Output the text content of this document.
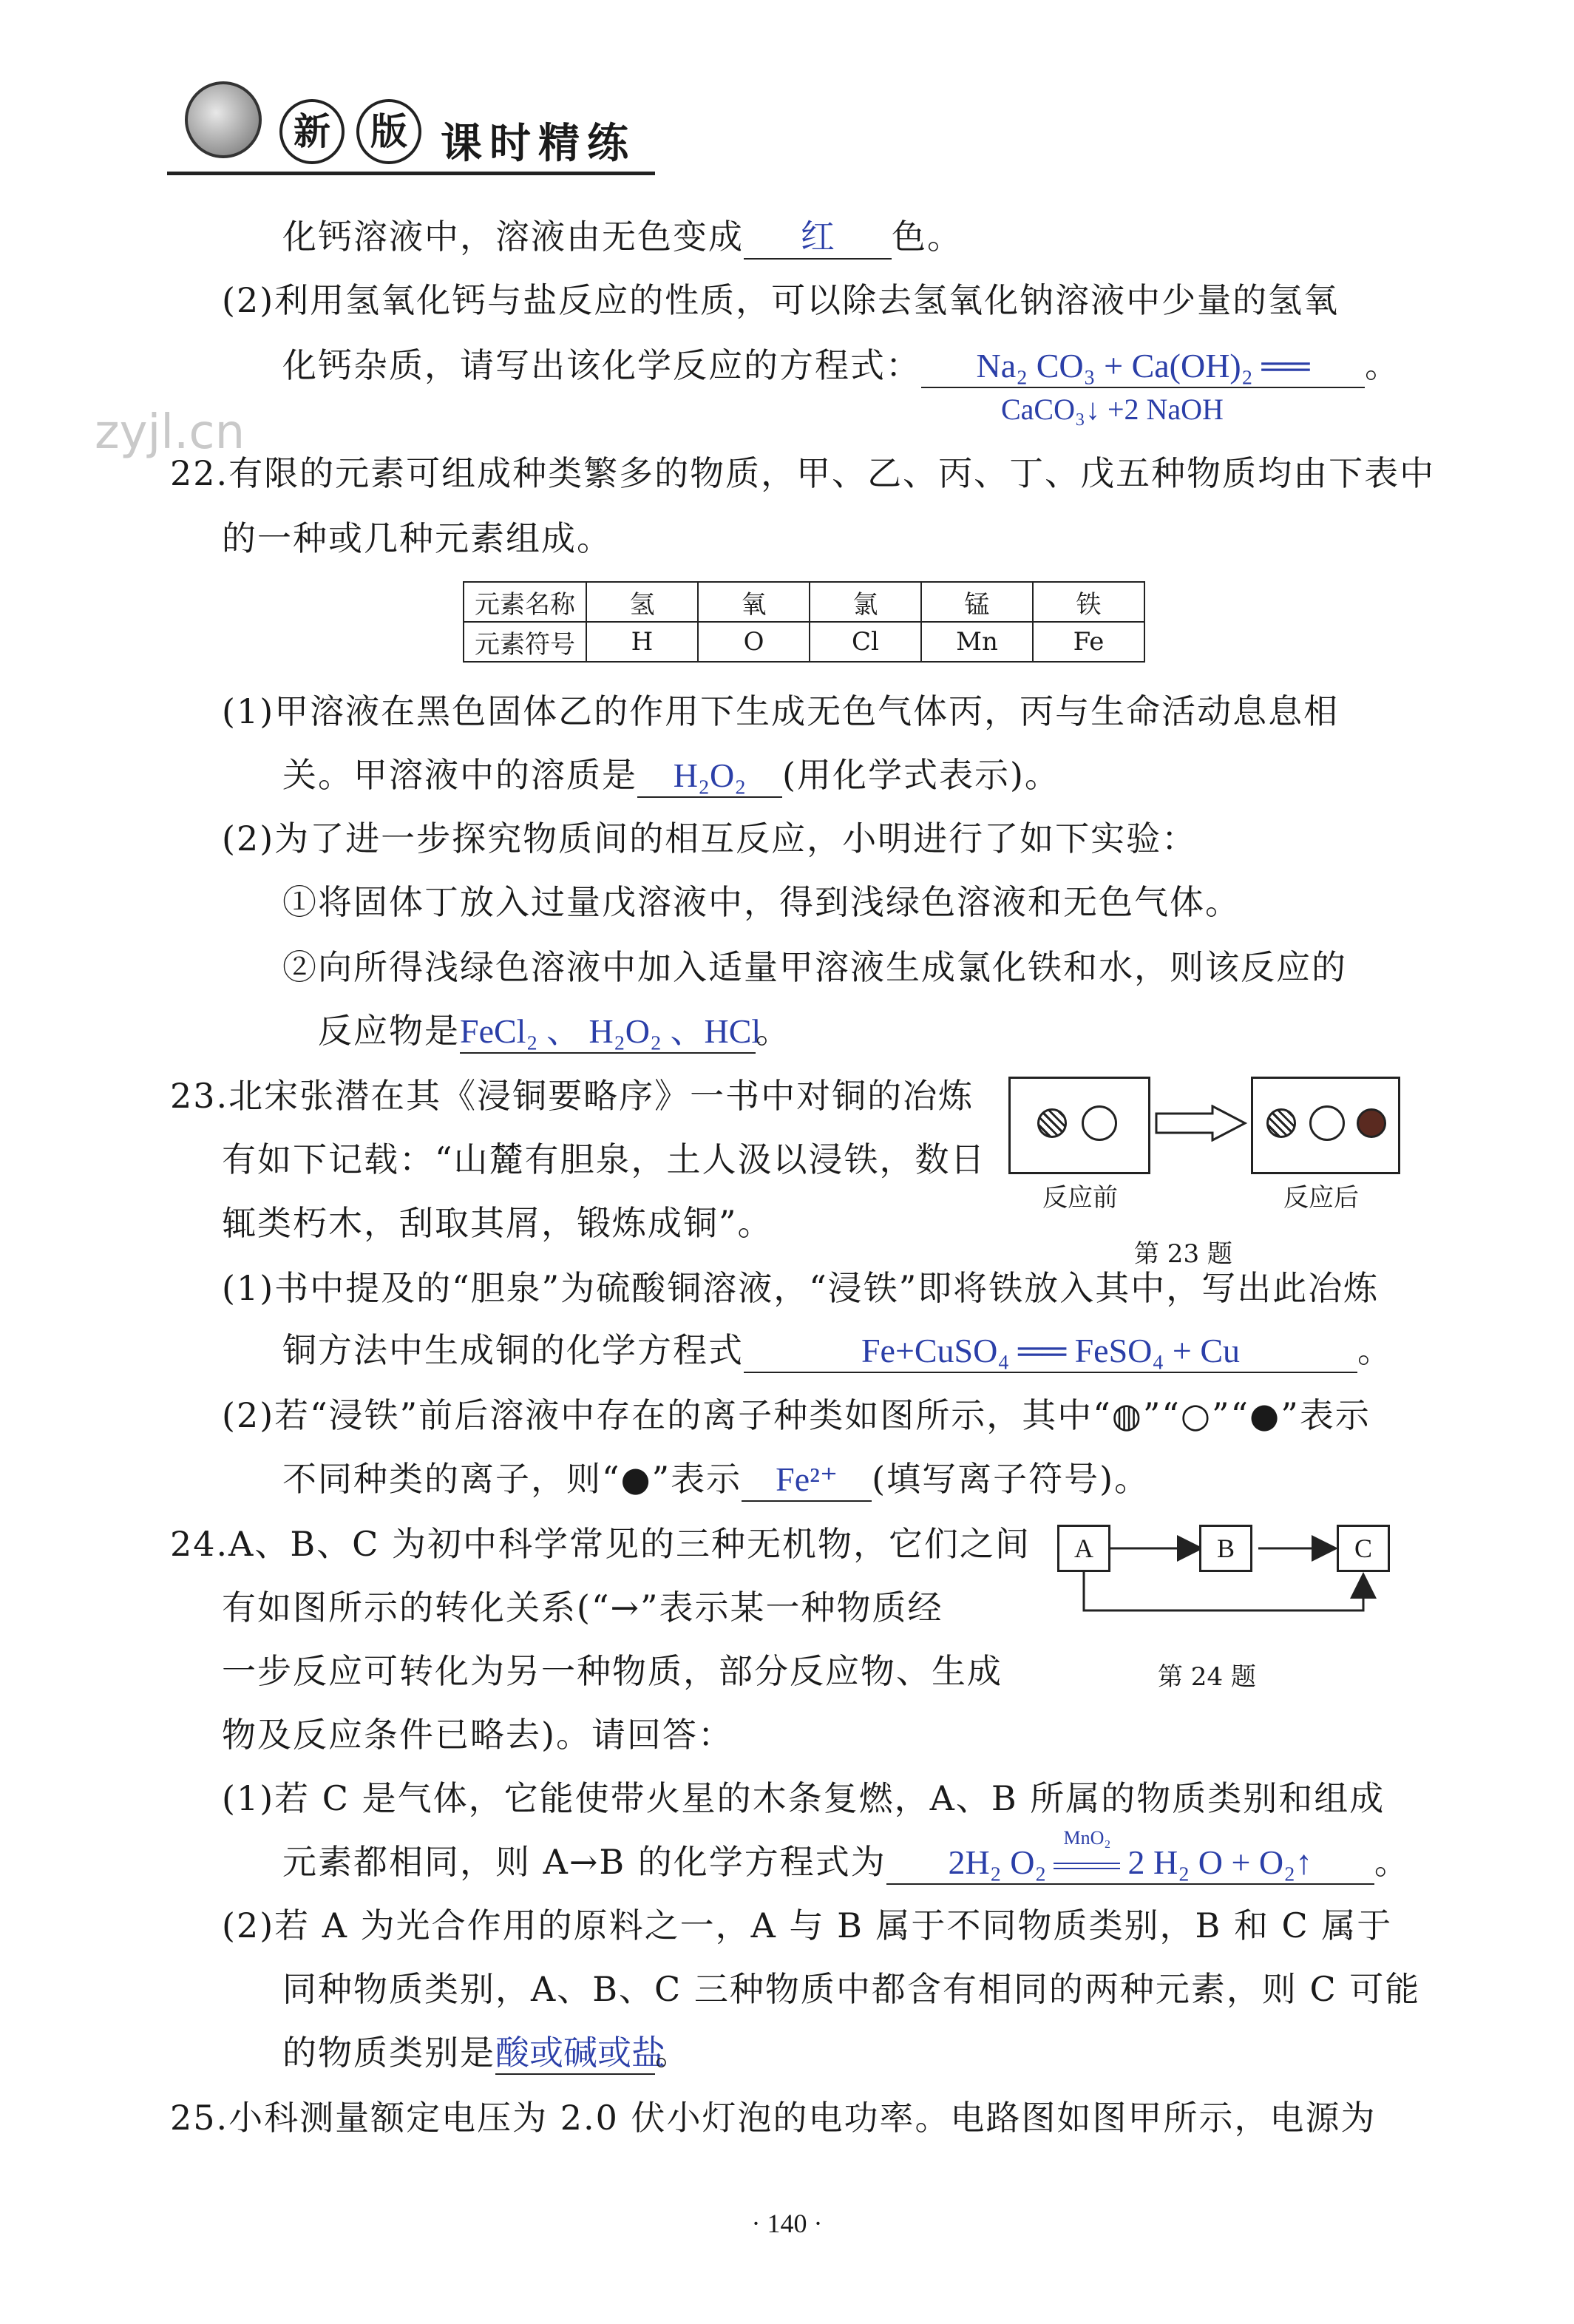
新	版 课时精练
zyjl.cn
化钙溶液中，溶液由无色变成 红 色。
(2)利用氢氧化钙与盐反应的性质，可以除去氢氧化钠溶液中少量的氢氧
化钙杂质，请写出该化学反应的方程式： Na₂ CO₃ + Ca(OH)₂ ══ 。
CaCO₃↓ +2 NaOH
22.有限的元素可组成种类繁多的物质，甲、乙、丙、丁、戊五种物质均由下表中
的一种或几种元素组成。
元素名称	氢	氧	氯	锰	铁
元素符号	H	O	Cl	Mn	Fe
(1)甲溶液在黑色固体乙的作用下生成无色气体丙，丙与生命活动息息相
关。甲溶液中的溶质是 H₂O₂ (用化学式表示)。
(2)为了进一步探究物质间的相互反应，小明进行了如下实验：
①将固体丁放入过量戊溶液中，得到浅绿色溶液和无色气体。
②向所得浅绿色溶液中加入适量甲溶液生成氯化铁和水，则该反应的
反应物是FeCl₂ 、 H₂O₂ 、HCl。
23.北宋张潜在其《浸铜要略序》一书中对铜的冶炼
有如下记载：“山麓有胆泉，土人汲以浸铁，数日
辄类朽木，刮取其屑，锻炼成铜”。
反应前	反应后
第 23 题
(1)书中提及的“胆泉”为硫酸铜溶液，“浸铁”即将铁放入其中，写出此冶炼
铜方法中生成铜的化学方程式	Fe+CuSO₄ ══ FeSO₄ + Cu	。
(2)若“浸铁”前后溶液中存在的离子种类如图所示，其中“◍”“○”“●”表示
不同种类的离子，则“●”表示 Fe²⁺ (填写离子符号)。
24.A、B、C 为初中科学常见的三种无机物，它们之间
有如图所示的转化关系(“→”表示某一种物质经
一步反应可转化为另一种物质，部分反应物、生成
物及反应条件已略去)。请回答：
A	B	C
第 24 题
(1)若 C 是气体，它能使带火星的木条复燃，A、B 所属的物质类别和组成
元素都相同，则 A→B 的化学方程式为 2H₂ O₂
MnO₂
2 H₂ O + O₂↑ 。
(2)若 A 为光合作用的原料之一，A 与 B 属于不同物质类别，B 和 C 属于
同种物质类别，A、B、C 三种物质中都含有相同的两种元素，则 C 可能
的物质类别是酸或碱或盐。
25.小科测量额定电压为 2.0 伏小灯泡的电功率。电路图如图甲所示，电源为
· 140 ·
